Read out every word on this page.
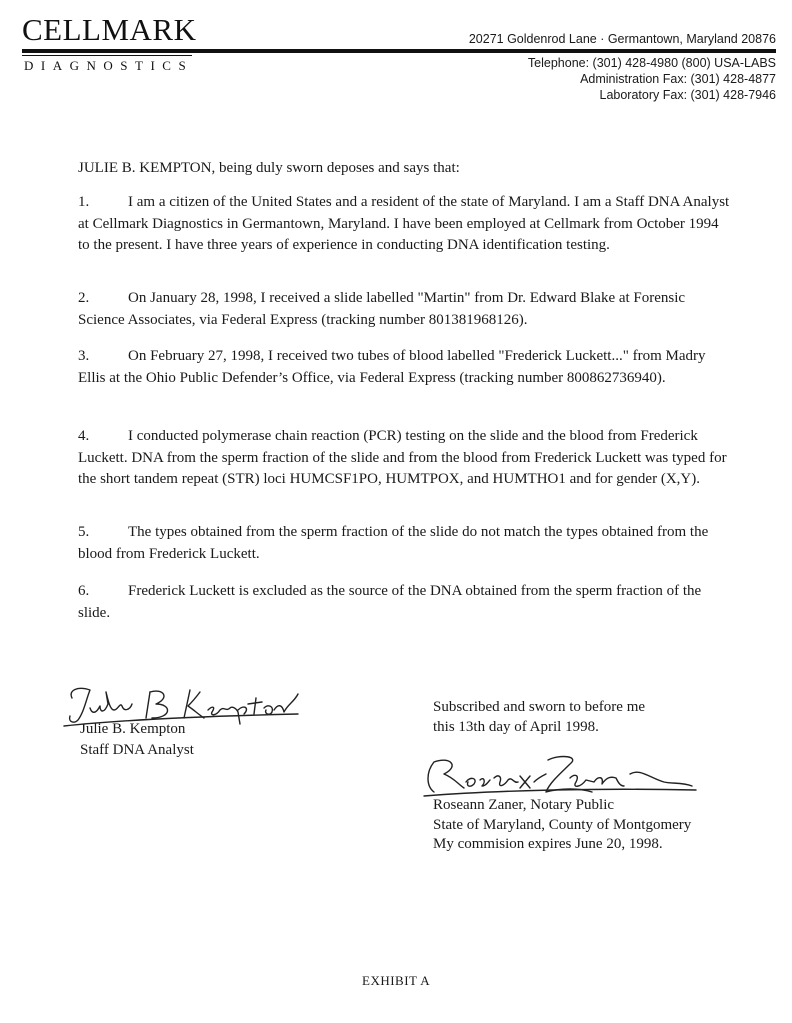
CELLMARK
DIAGNOSTICS
20271 Goldenrod Lane · Germantown, Maryland 20876
Telephone: (301) 428-4980 (800) USA-LABS
Administration Fax: (301) 428-4877
Laboratory Fax: (301) 428-7946
JULIE B. KEMPTON, being duly sworn deposes and says that:

1.	I am a citizen of the United States and a resident of the state of Maryland. I am a Staff DNA Analyst at Cellmark Diagnostics in Germantown, Maryland. I have been employed at Cellmark from October 1994 to the present. I have three years of experience in conducting DNA identification testing.

2.	On January 28, 1998, I received a slide labelled "Martin" from Dr. Edward Blake at Forensic Science Associates, via Federal Express (tracking number 801381968126).

3.	On February 27, 1998, I received two tubes of blood labelled "Frederick Luckett..." from Madry Ellis at the Ohio Public Defender’s Office, via Federal Express (tracking number 800862736940).

4.	I conducted polymerase chain reaction (PCR) testing on the slide and the blood from Frederick Luckett. DNA from the sperm fraction of the slide and from the blood from Frederick Luckett was typed for the short tandem repeat (STR) loci HUMCSF1PO, HUMTPOX, and HUMTHO1 and for gender (X,Y).

5.	The types obtained from the sperm fraction of the slide do not match the types obtained from the blood from Frederick Luckett.

6.	Frederick Luckett is excluded as the source of the DNA obtained from the sperm fraction of the slide.

Julie B. Kempton
Staff DNA Analyst
Subscribed and sworn to before me
this 13th day of April 1998.
Roseann Zaner, Notary Public
State of Maryland, County of Montgomery
My commision expires June 20, 1998.
EXHIBIT A
